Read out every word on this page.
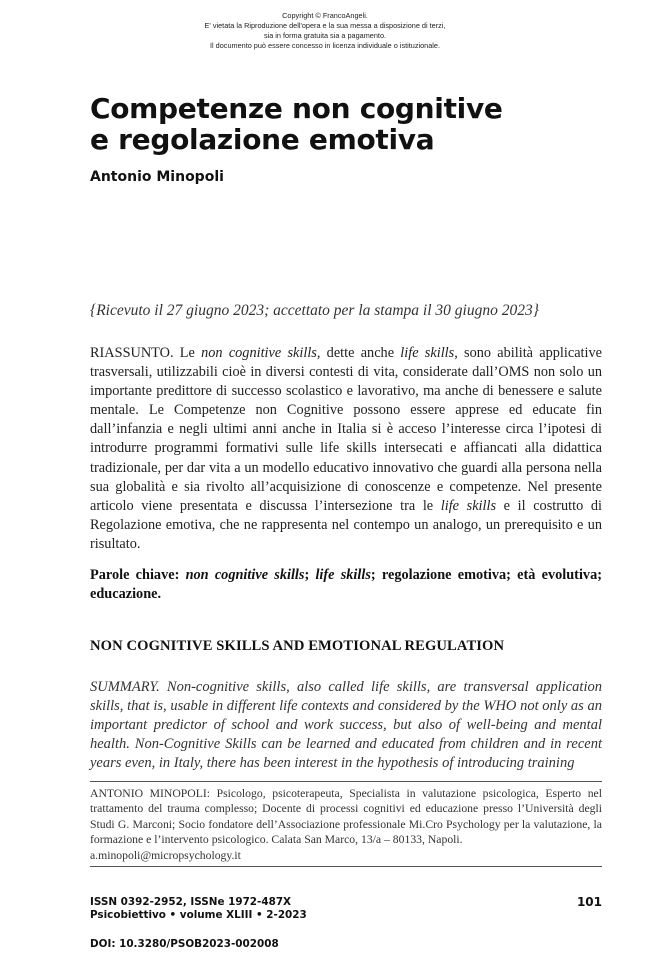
Copyright © FrancoAngeli.
E' vietata la Riproduzione dell'opera e la sua messa a disposizione di terzi,
sia in forma gratuita sia a pagamento.
Il documento può essere concesso in licenza individuale o istituzionale.
Competenze non cognitive
e regolazione emotiva
Antonio Minopoli
{Ricevuto il 27 giugno 2023; accettato per la stampa il 30 giugno 2023}

RIASSUNTO. Le non cognitive skills, dette anche life skills, sono abilità applicative trasversali, utilizzabili cioè in diversi contesti di vita, considerate dall’OMS non solo un importante predittore di successo scolastico e lavorativo, ma anche di benessere e salute mentale. Le Competenze non Cognitive possono essere apprese ed educate fin dall’infanzia e negli ultimi anni anche in Italia si è acceso l’interesse circa l’ipotesi di introdurre programmi formativi sulle life skills intersecati e affiancati alla didattica tradizionale, per dar vita a un modello educativo innovativo che guardi alla persona nella sua globalità e sia rivolto all’acquisizione di conoscenze e competenze. Nel presente articolo viene presentata e discussa l’intersezione tra le life skills e il costrutto di Regolazione emotiva, che ne rappresenta nel contempo un analogo, un prerequisito e un risultato.

Parole chiave: non cognitive skills; life skills; regolazione emotiva; età evolutiva; educazione.

NON COGNITIVE SKILLS AND EMOTIONAL REGULATION

SUMMARY. Non-cognitive skills, also called life skills, are transversal application skills, that is, usable in different life contexts and considered by the WHO not only as an important predictor of school and work success, but also of well-being and mental health. Non-Cognitive Skills can be learned and educated from children and in recent years even, in Italy, there has been interest in the hypothesis of introducing training

ANTONIO MINOPOLI: Psicologo, psicoterapeuta, Specialista in valutazione psicologica, Esperto nel trattamento del trauma complesso; Docente di processi cognitivi ed educazione presso l’Università degli Studi G. Marconi; Socio fondatore dell’Associazione professionale Mi.Cro Psychology per la valutazione, la formazione e l’intervento psicologico. Calata San Marco, 13/a – 80133, Napoli.
a.minopoli@micropsychology.it
ISSN 0392-2952, ISSNe 1972-487X
Psicobiettivo • volume XLIII • 2-2023
DOI: 10.3280/PSOB2023-002008
101
